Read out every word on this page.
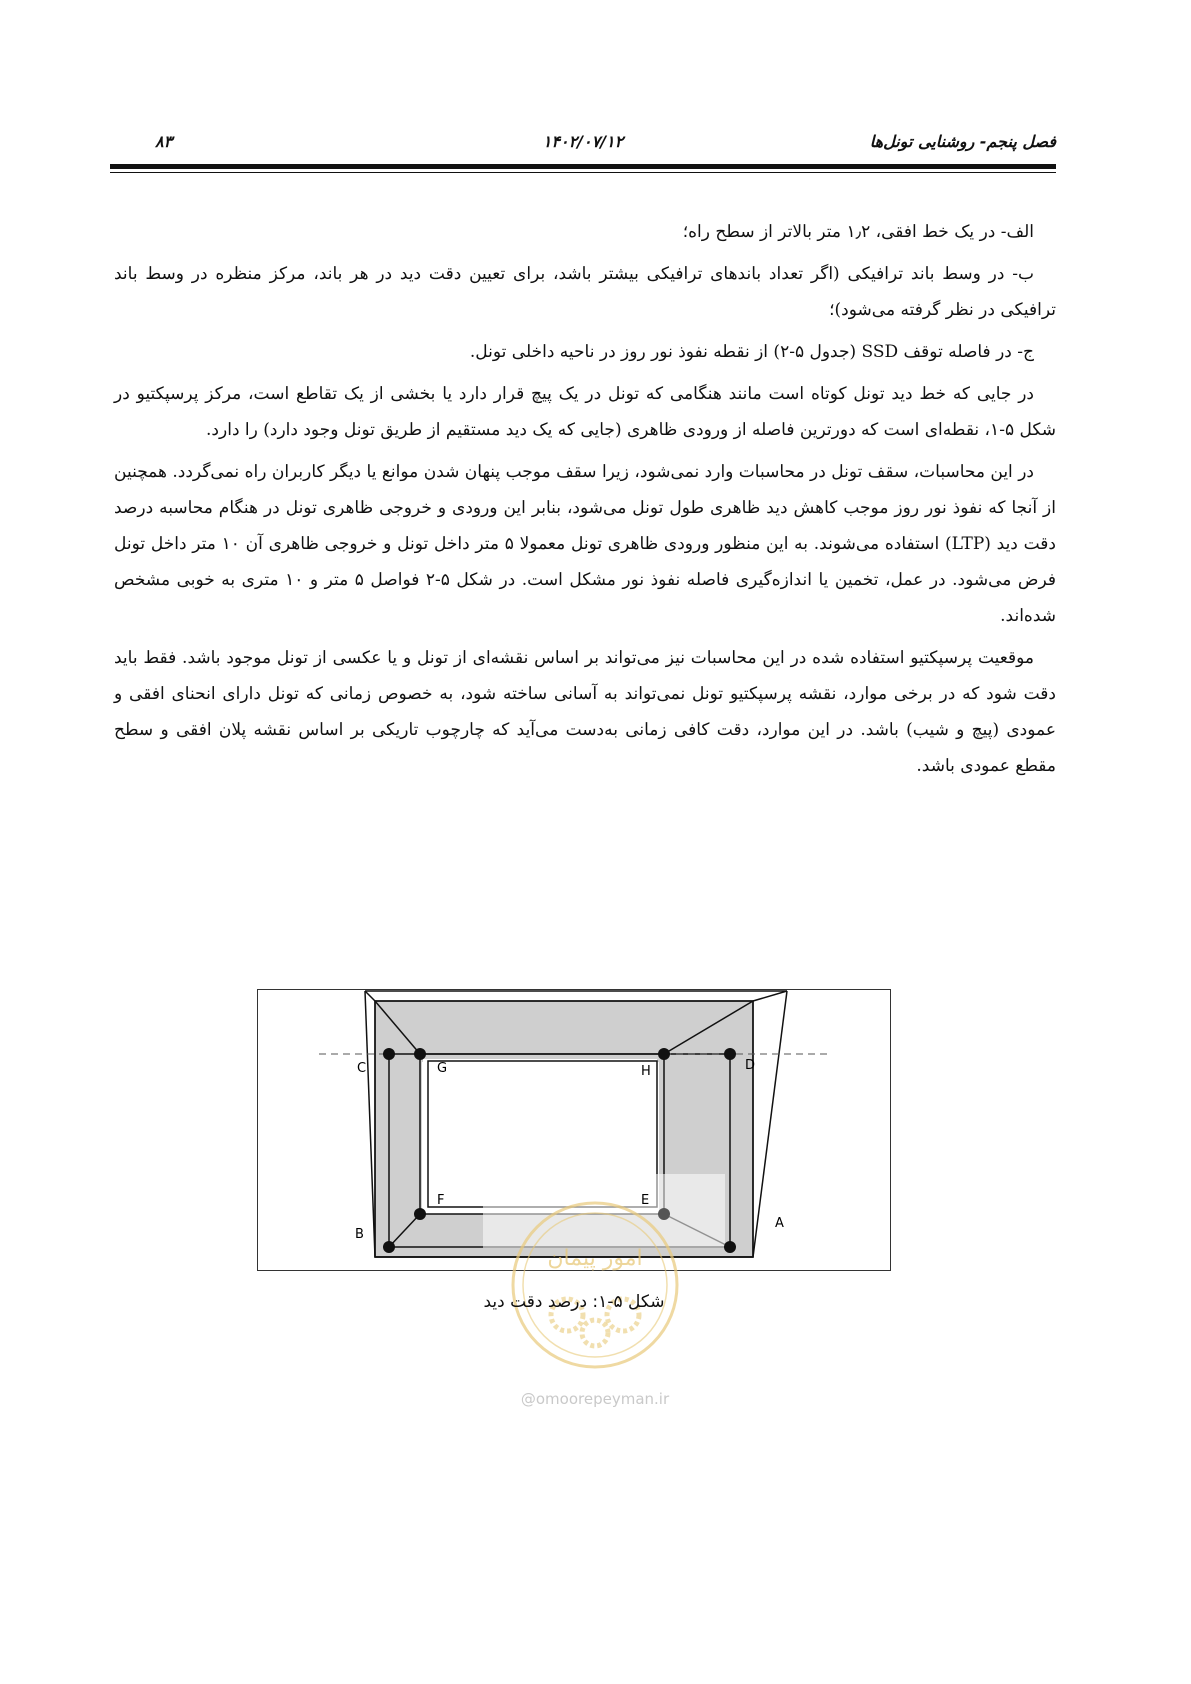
فصل پنجم- روشنایی تونل‌ها
۱۴۰۲/۰۷/۱۲
۸۳

الف- در یک خط افقی، ۱٫۲ متر بالاتر از سطح راه؛

ب- در وسط باند ترافیکی (اگر تعداد باندهای ترافیکی بیشتر باشد، برای تعیین دقت دید در هر باند، مرکز منظره در وسط باند ترافیکی در نظر گرفته می‌شود)؛

ج- در فاصله توقف SSD (جدول ۵-۲) از نقطه نفوذ نور روز در ناحیه داخلی تونل.

در جایی که خط دید تونل کوتاه است مانند هنگامی که تونل در یک پیچ قرار دارد یا بخشی از یک تقاطع است، مرکز پرسپکتیو در شکل ۵-۱، نقطه‌ای است که دورترین فاصله از ورودی ظاهری (جایی که یک دید مستقیم از طریق تونل وجود دارد) را دارد.

در این محاسبات، سقف تونل در محاسبات وارد نمی‌شود، زیرا سقف موجب پنهان شدن موانع یا دیگر کاربران راه نمی‌گردد. همچنین از آنجا که نفوذ نور روز موجب کاهش دید ظاهری طول تونل می‌شود، بنابر این ورودی و خروجی ظاهری تونل در هنگام محاسبه درصد دقت دید (LTP) استفاده می‌شوند. به این منظور ورودی ظاهری تونل معمولا ۵ متر داخل تونل و خروجی ظاهری آن ۱۰ متر داخل تونل فرض می‌شود. در عمل، تخمین یا اندازه‌گیری فاصله نفوذ نور مشکل است. در شکل ۵-۲ فواصل ۵ متر و ۱۰ متری به خوبی مشخص شده‌اند.

موقعیت پرسپکتیو استفاده شده در این محاسبات نیز می‌تواند بر اساس نقشه‌ای از تونل و یا عکسی از تونل موجود باشد. فقط باید دقت شود که در برخی موارد، نقشه پرسپکتیو تونل نمی‌تواند به آسانی ساخته شود، به خصوص زمانی که تونل دارای انحنای افقی و عمودی (پیچ و شیب) باشد. در این موارد، دقت کافی زمانی به‌دست می‌آید که چارچوب تاریکی بر اساس نقشه پلان افقی و سطح مقطع عمودی باشد.

C	G	H	D
F	E
B
A
امور پیمان
شکل ۵-۱: درصد دقت دید
@omoorepeyman.ir
